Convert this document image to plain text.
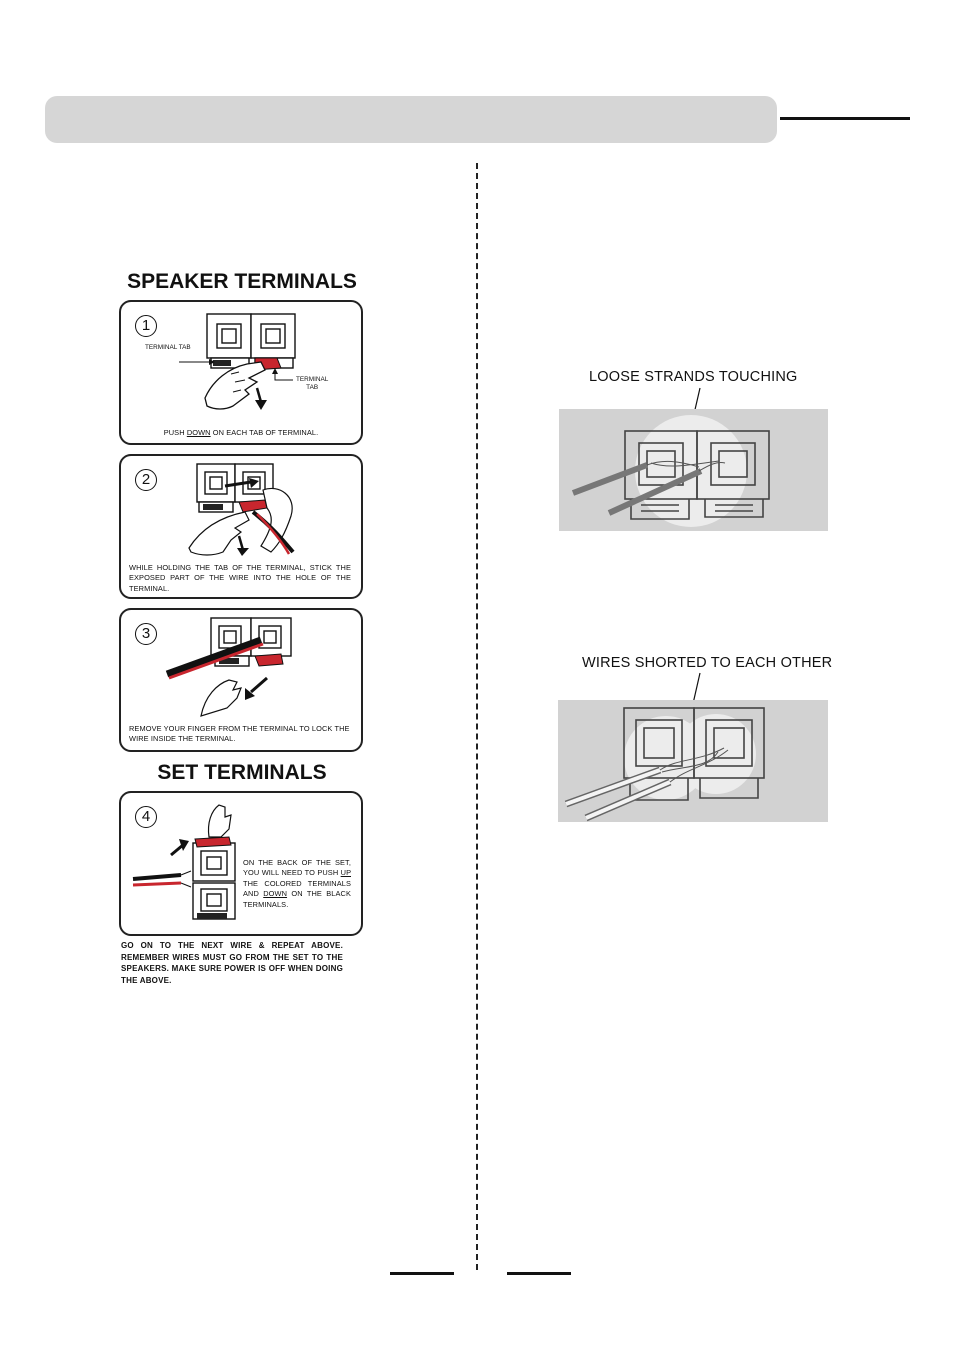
SPEAKER TERMINALS
1
TERMINAL TAB
TERMINAL
TAB
PUSH DOWN ON EACH TAB OF TERMINAL.
2
WHILE HOLDING THE TAB OF THE TERMINAL, STICK THE EXPOSED PART OF THE WIRE INTO THE HOLE OF THE TERMINAL.
3
REMOVE YOUR FINGER FROM THE TERMINAL TO LOCK THE WIRE INSIDE THE TERMINAL.
SET TERMINALS
4
ON THE BACK OF THE SET, YOU WILL NEED TO PUSH UP THE COLORED TERMINALS AND DOWN ON THE BLACK TERMINALS.
GO ON TO THE NEXT WIRE & REPEAT ABOVE. REMEMBER WIRES MUST GO FROM THE SET TO THE SPEAKERS. MAKE SURE POWER IS OFF WHEN DOING THE ABOVE.
LOOSE STRANDS TOUCHING
WIRES SHORTED TO EACH OTHER
